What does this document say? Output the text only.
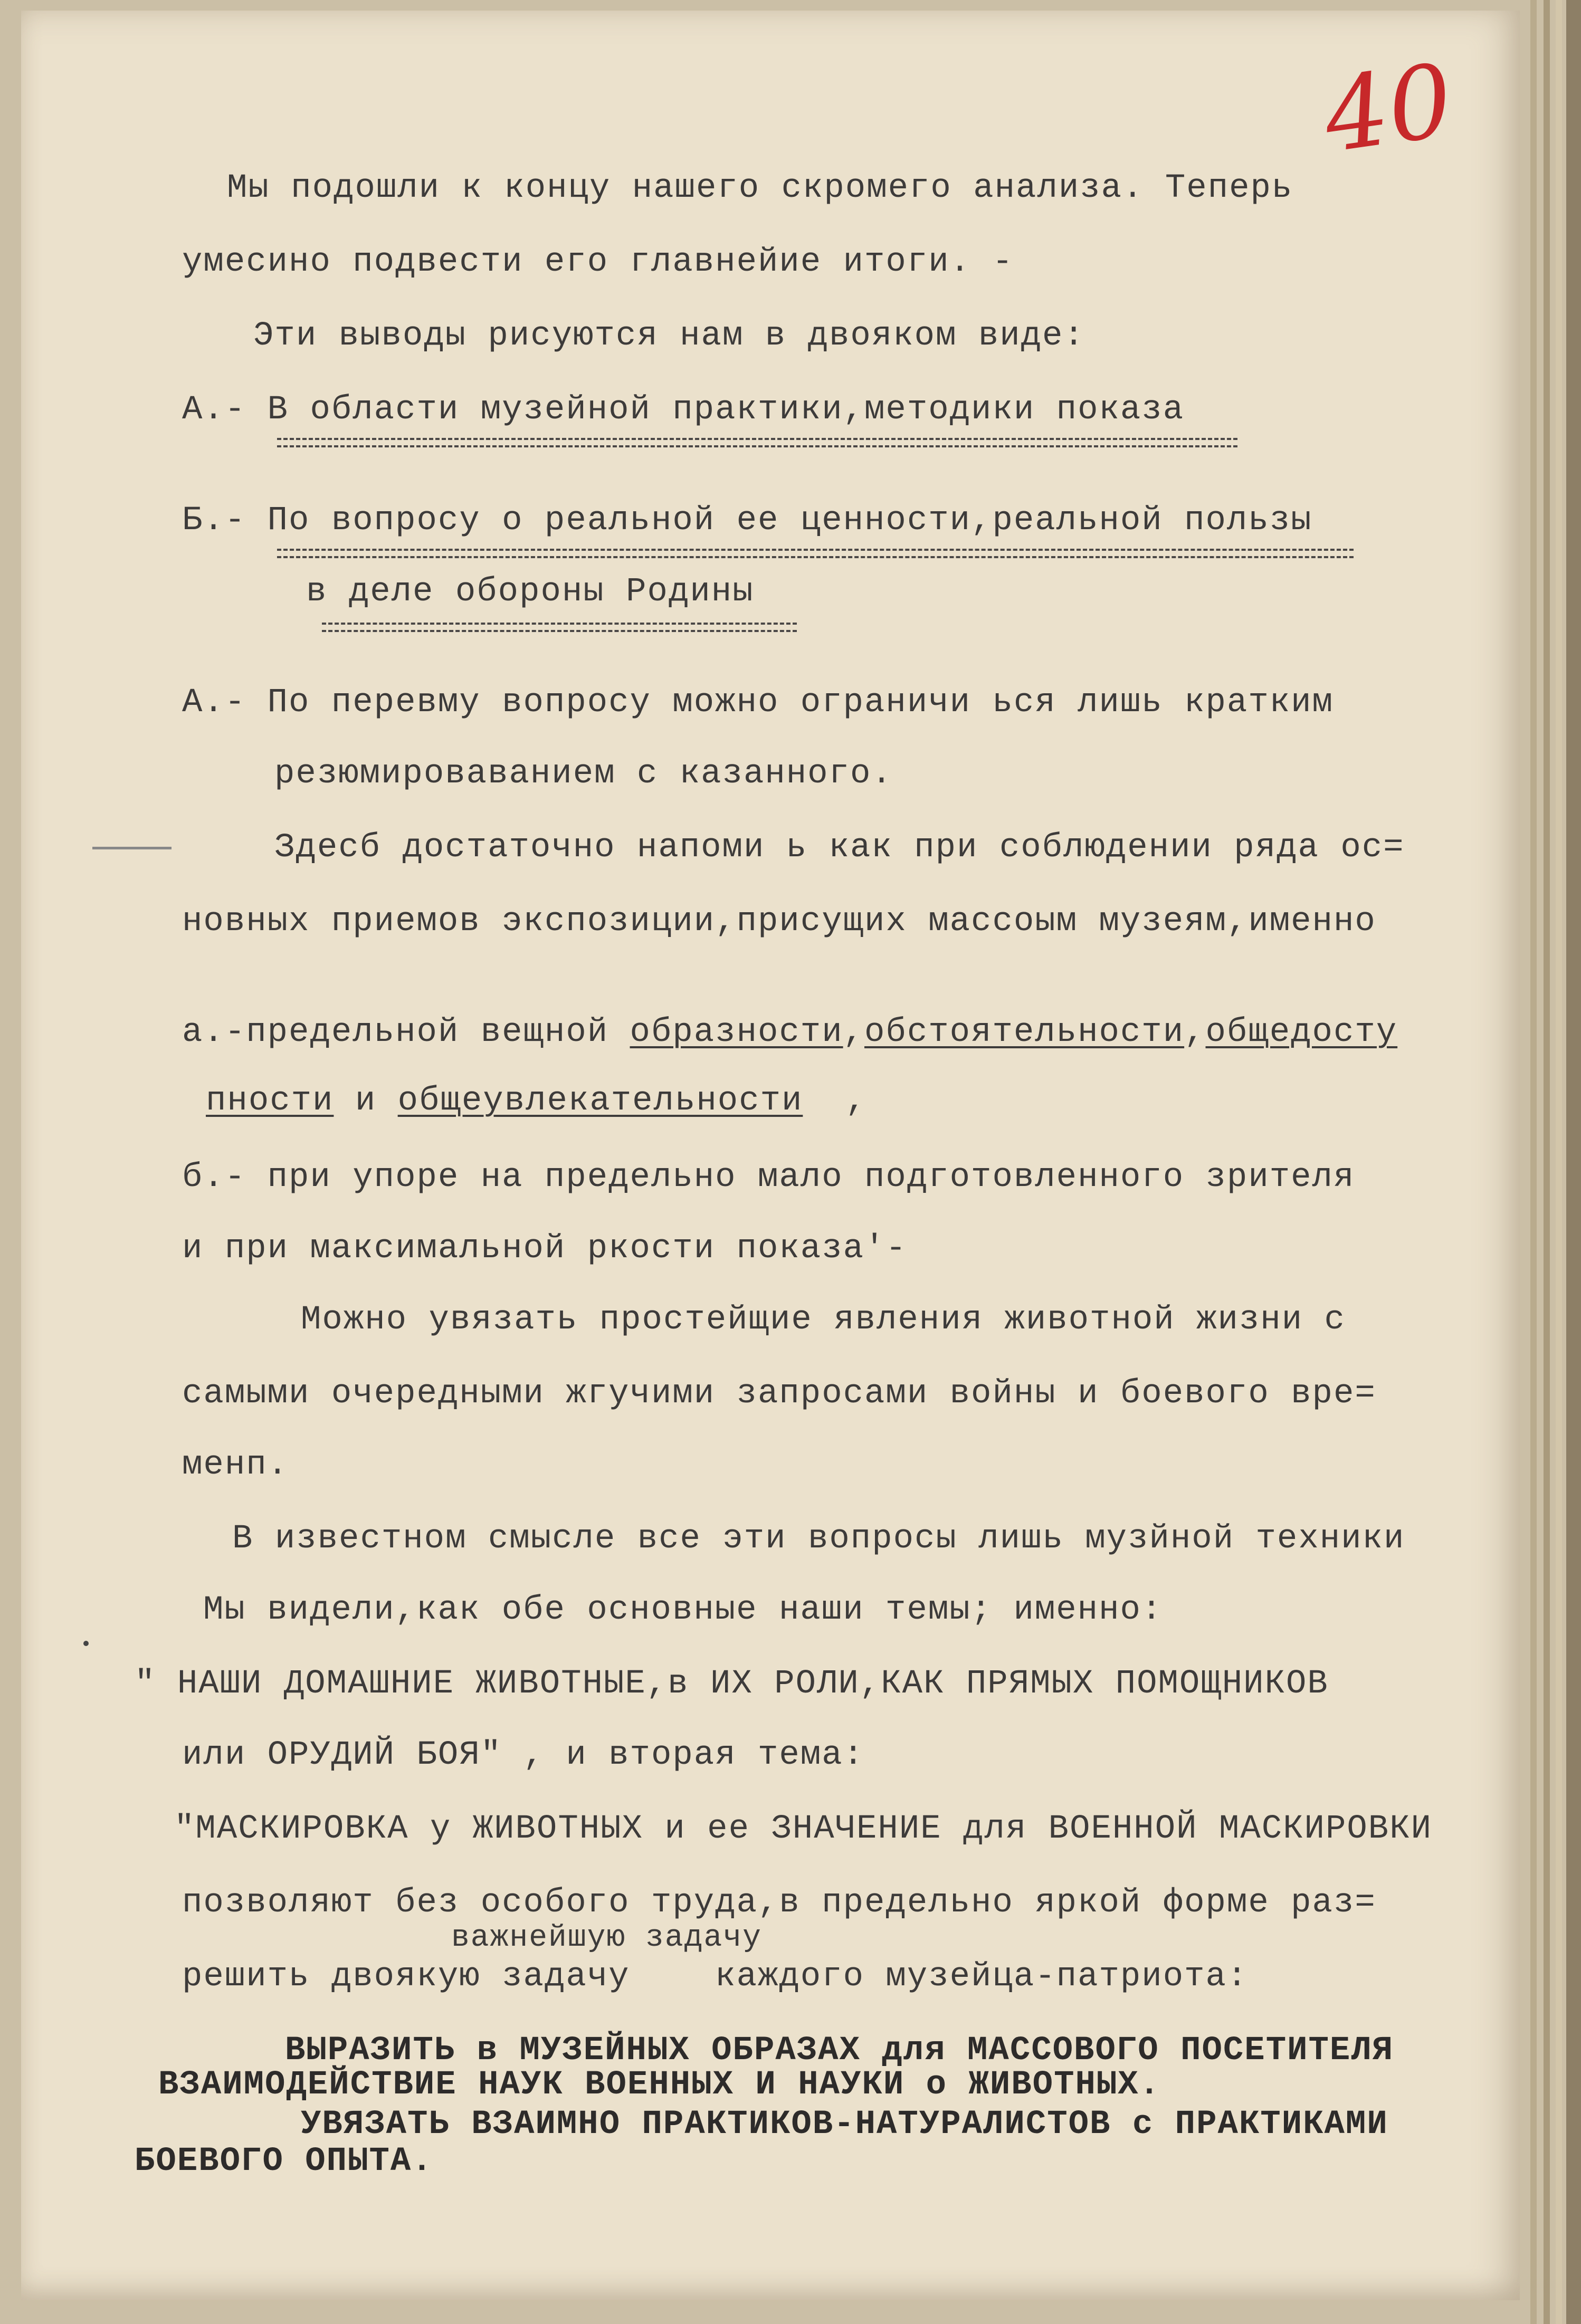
40
Мы подошли к концу нашего скромего анализа. Теперь
умесино подвести его главнейие итоги. -
Эти выводы рисуются нам в двояком виде:
А.- В области музейной практики,методики показа
Б.- По вопросу о реальной ее ценности,реальной пользы
в деле обороны Родины
А.- По перевму вопросу можно ограничи ься лишь кратким
резюмироваванием с казанного.
Здесб достаточно напоми ь как при соблюдении ряда ос=
новных приемов экспозиции,присущих массоым музеям,именно
а.-предельной вещной образности,обстоятельности,общедосту
пности и общеувлекательности  ,
б.- при упоре на предельно мало подготовленного зрителя
и при максимальной ркости показа'-
Можно увязать простейщие явления животной жизни с
самыми очередными жгучими запросами войны и боевого вре=
менп.
В известном смысле все эти вопросы лишь музйной техники
Мы видели,как обе основные наши темы; именно:
" НАШИ ДОМАШНИЕ ЖИВОТНЫЕ,в ИХ РОЛИ,КАК ПРЯМЫХ ПОМОЩНИКОВ
или ОРУДИЙ БОЯ" , и вторая тема:
"МАСКИРОВКА у ЖИВОТНЫХ и ее ЗНАЧЕНИЕ для ВОЕННОЙ МАСКИРОВКИ
позволяют без особого труда,в предельно яркой форме раз=
важнейшую задачу
решить двоякую задачу    каждого музейца-патриота:
ВЫРАЗИТЬ в МУЗЕЙНЫХ ОБРАЗАХ для МАССОВОГО ПОСЕТИТЕЛЯ
ВЗАИМОДЕЙСТВИЕ НАУК ВОЕННЫХ И НАУКИ о ЖИВОТНЫХ.
УВЯЗАТЬ ВЗАИМНО ПРАКТИКОВ-НАТУРАЛИСТОВ с ПРАКТИКАМИ
БОЕВОГО ОПЫТА.
